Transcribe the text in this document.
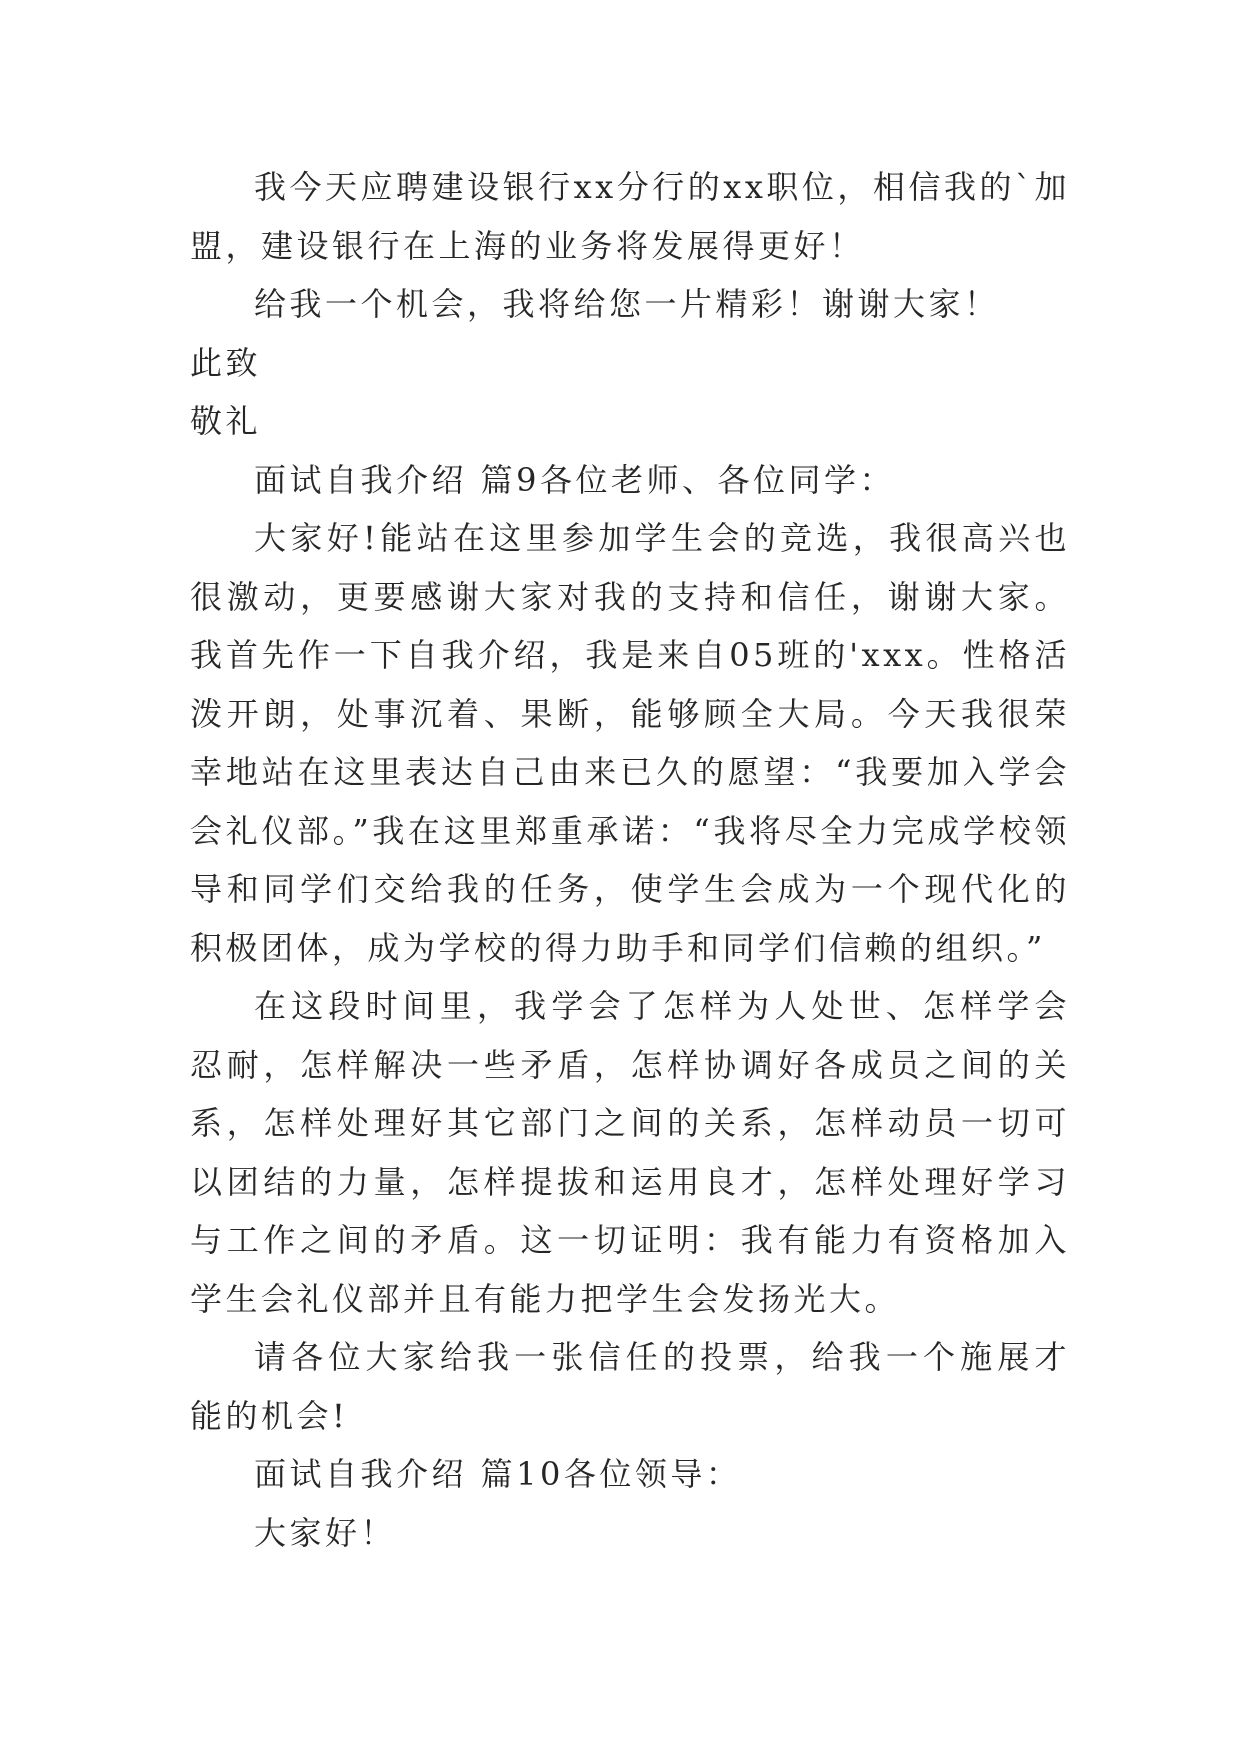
我今天应聘建设银行xx分行的xx职位，相信我的`加盟，建设银行在上海的业务将发展得更好！

给我一个机会，我将给您一片精彩！谢谢大家！

此致

敬礼

面试自我介绍 篇9各位老师、各位同学：

大家好!能站在这里参加学生会的竞选，我很高兴也很激动，更要感谢大家对我的支持和信任，谢谢大家。我首先作一下自我介绍，我是来自05班的'xxx。性格活泼开朗，处事沉着、果断，能够顾全大局。今天我很荣幸地站在这里表达自己由来已久的愿望：“我要加入学会会礼仪部。”我在这里郑重承诺：“我将尽全力完成学校领导和同学们交给我的任务，使学生会成为一个现代化的积极团体，成为学校的得力助手和同学们信赖的组织。”

在这段时间里，我学会了怎样为人处世、怎样学会忍耐，怎样解决一些矛盾，怎样协调好各成员之间的关系，怎样处理好其它部门之间的关系，怎样动员一切可以团结的力量，怎样提拔和运用良才，怎样处理好学习与工作之间的矛盾。这一切证明：我有能力有资格加入学生会礼仪部并且有能力把学生会发扬光大。

请各位大家给我一张信任的投票，给我一个施展才能的机会!

面试自我介绍 篇10各位领导：

大家好！
